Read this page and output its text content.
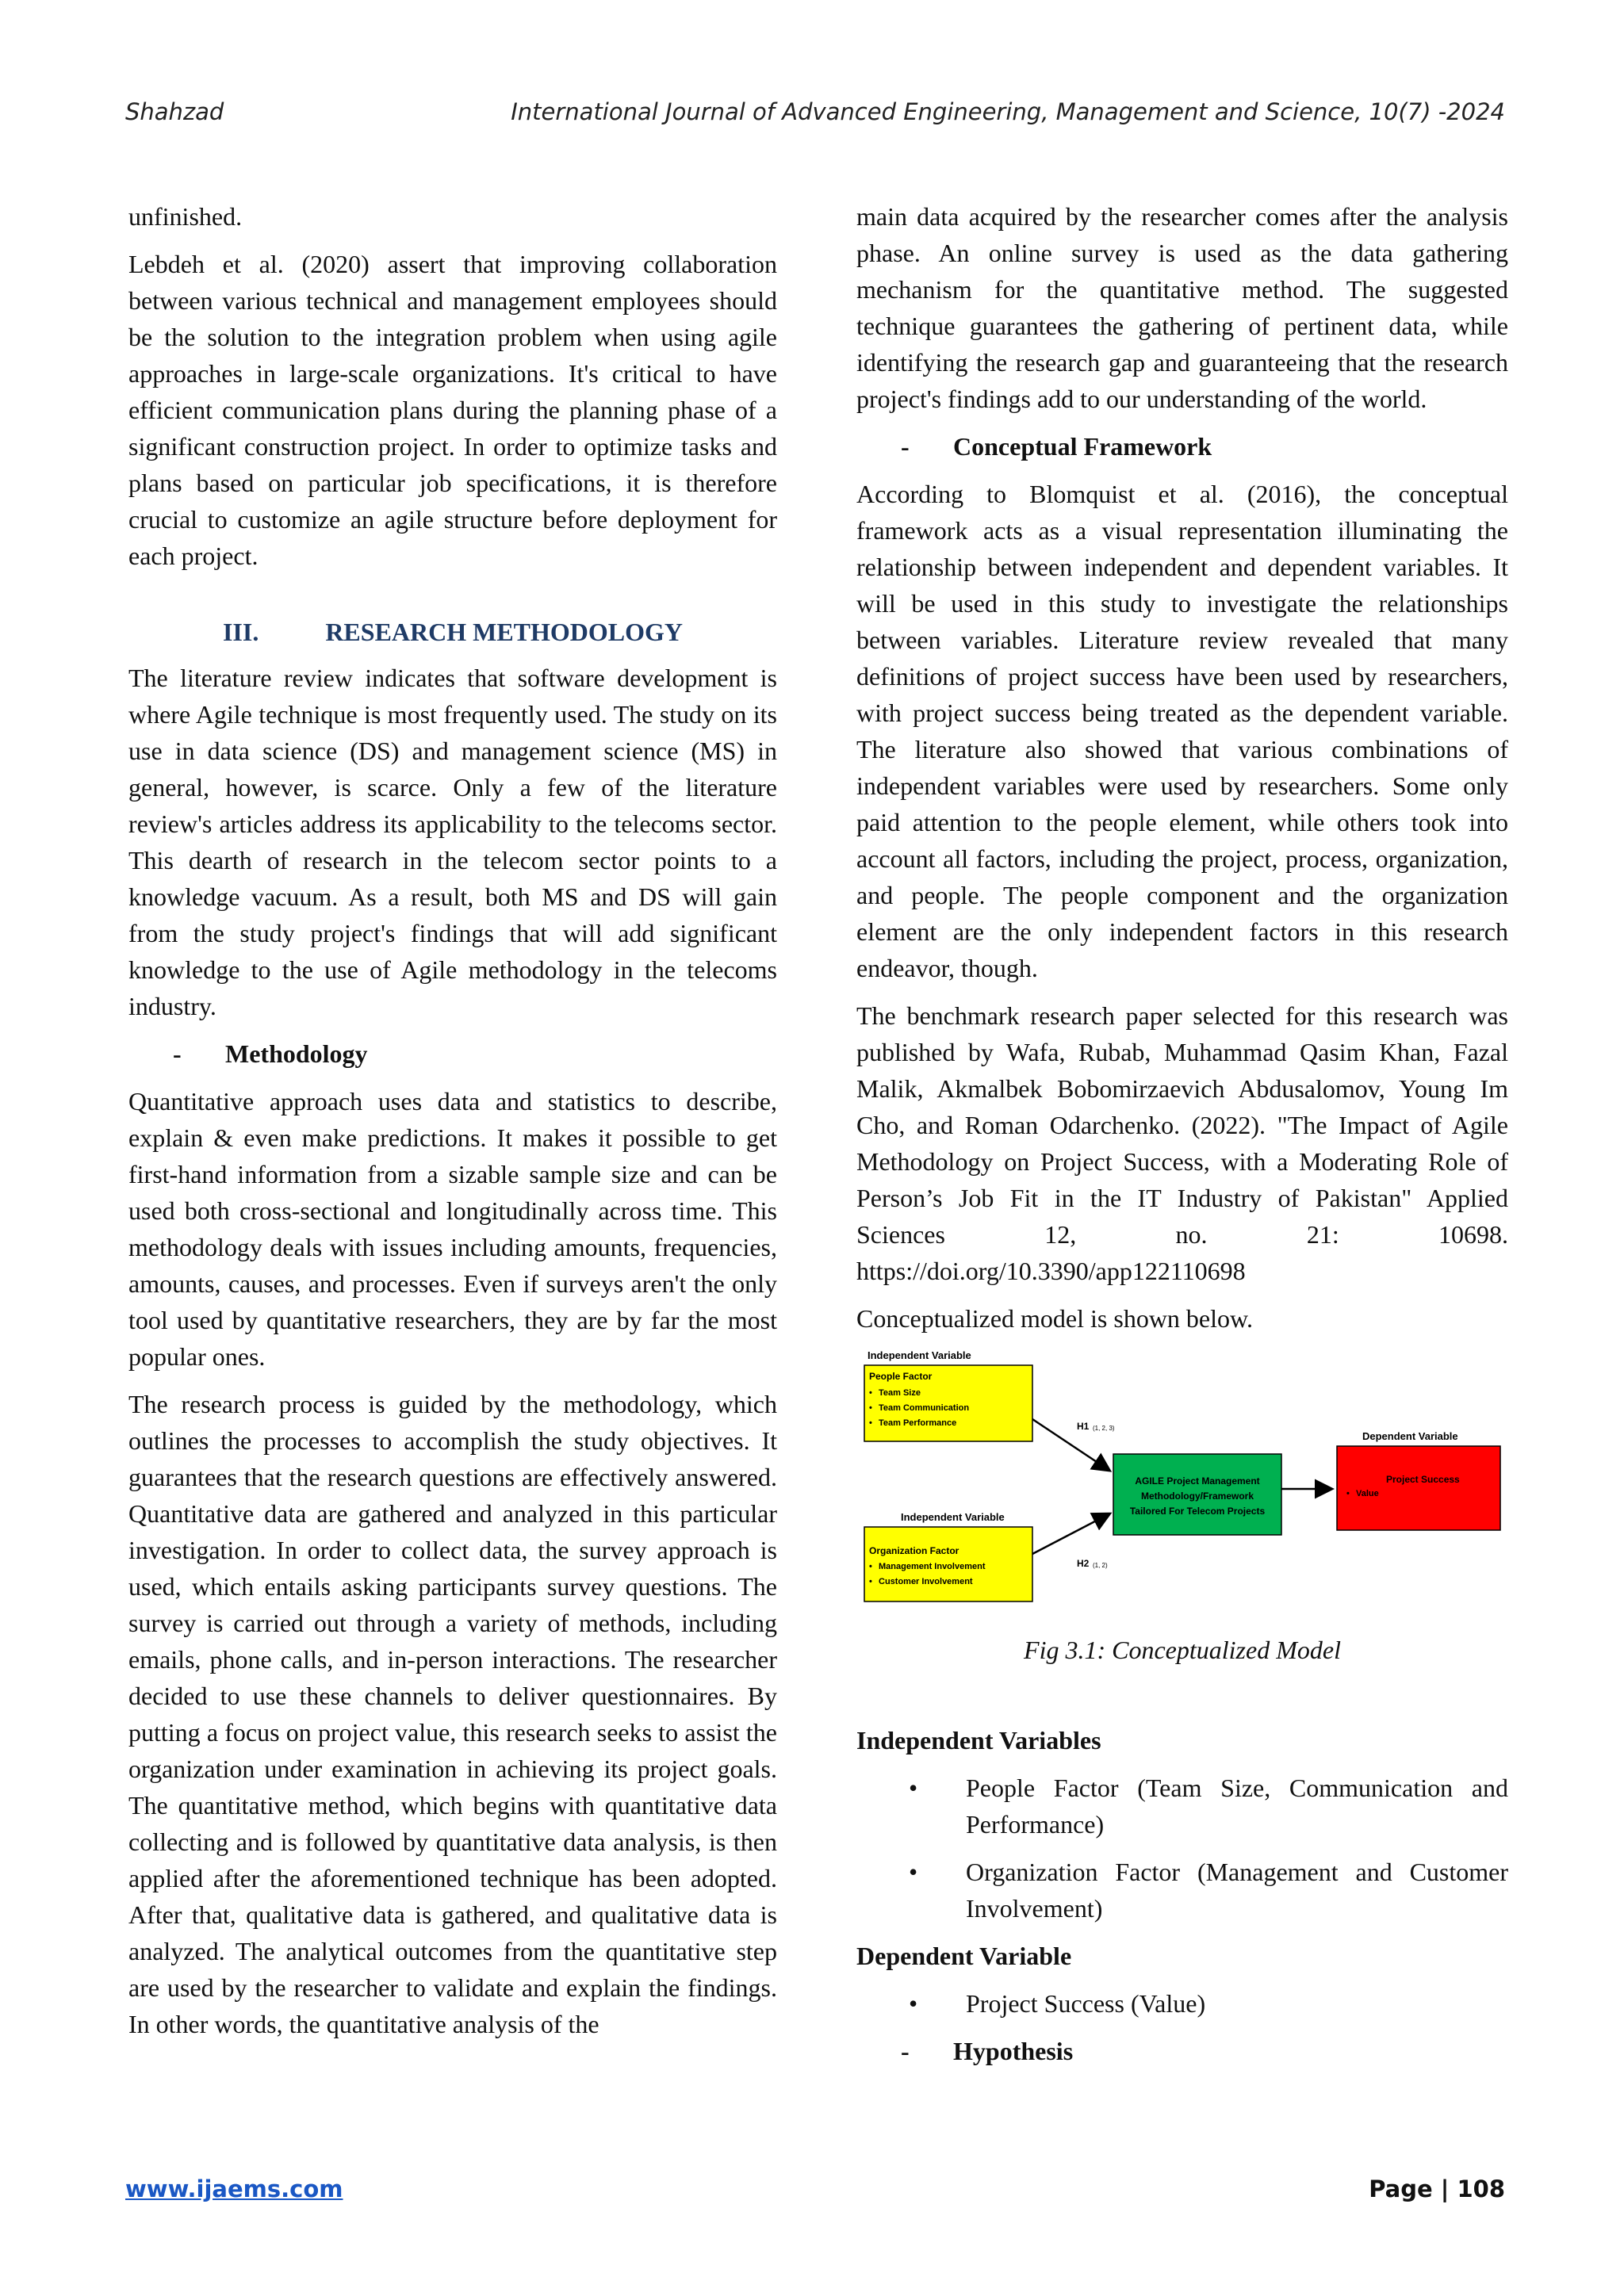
Shahzad	International Journal of Advanced Engineering, Management and Science, 10(7) -2024

unfinished.

Lebdeh et al. (2020) assert that improving collaboration between various technical and management employees should be the solution to the integration problem when using agile approaches in large-scale organizations. It's critical to have efficient communication plans during the planning phase of a significant construction project. In order to optimize tasks and plans based on particular job specifications, it is therefore crucial to customize an agile structure before deployment for each project.

III.	RESEARCH METHODOLOGY

The literature review indicates that software development is where Agile technique is most frequently used. The study on its use in data science (DS) and management science (MS) in general, however, is scarce. Only a few of the literature review's articles address its applicability to the telecoms sector. This dearth of research in the telecom sector points to a knowledge vacuum. As a result, both MS and DS will gain from the study project's findings that will add significant knowledge to the use of Agile methodology in the telecoms industry.

-	Methodology

Quantitative approach uses data and statistics to describe, explain & even make predictions. It makes it possible to get first-hand information from a sizable sample size and can be used both cross-sectional and longitudinally across time. This methodology deals with issues including amounts, frequencies, amounts, causes, and processes. Even if surveys aren't the only tool used by quantitative researchers, they are by far the most popular ones.

The research process is guided by the methodology, which outlines the processes to accomplish the study objectives. It guarantees that the research questions are effectively answered. Quantitative data are gathered and analyzed in this particular investigation. In order to collect data, the survey approach is used, which entails asking participants survey questions. The survey is carried out through a variety of methods, including emails, phone calls, and in-person interactions. The researcher decided to use these channels to deliver questionnaires. By putting a focus on project value, this research seeks to assist the organization under examination in achieving its project goals. The quantitative method, which begins with quantitative data collecting and is followed by quantitative data analysis, is then applied after the aforementioned technique has been adopted. After that, qualitative data is gathered, and qualitative data is analyzed. The analytical outcomes from the quantitative step are used by the researcher to validate and explain the findings. In other words, the quantitative analysis of the

main data acquired by the researcher comes after the analysis phase. An online survey is used as the data gathering mechanism for the quantitative method. The suggested technique guarantees the gathering of pertinent data, while identifying the research gap and guaranteeing that the research project's findings add to our understanding of the world.

-	Conceptual Framework

According to Blomquist et al. (2016), the conceptual framework acts as a visual representation illuminating the relationship between independent and dependent variables. It will be used in this study to investigate the relationships between variables. Literature review revealed that many definitions of project success have been used by researchers, with project success being treated as the dependent variable. The literature also showed that various combinations of independent variables were used by researchers. Some only paid attention to the people element, while others took into account all factors, including the project, process, organization, and people. The people component and the organization element are the only independent factors in this research endeavor, though.

The benchmark research paper selected for this research was published by Wafa, Rubab, Muhammad Qasim Khan, Fazal Malik, Akmalbek Bobomirzaevich Abdusalomov, Young Im Cho, and Roman Odarchenko. (2022). "The Impact of Agile Methodology on Project Success, with a Moderating Role of Person’s Job Fit in the IT Industry of Pakistan" Applied Sciences 12, no. 21: 10698. https://doi.org/10.3390/app122110698

Conceptualized model is shown below.

Independent Variable
People Factor
• Team Size
• Team Communication
• Team Performance
Independent Variable
Organization Factor
• Management Involvement
• Customer Involvement
H1 (1, 2, 3)
H2 (1, 2)
AGILE Project Management
Methodology/Framework
Tailored For Telecom Projects
Dependent Variable
Project Success
• Value

Fig 3.1: Conceptualized Model

Independent Variables
•	People Factor (Team Size, Communication and Performance)
•	Organization Factor (Management and Customer Involvement)
Dependent Variable
•	Project Success (Value)
-	Hypothesis
www.ijaems.com	Page | 108
